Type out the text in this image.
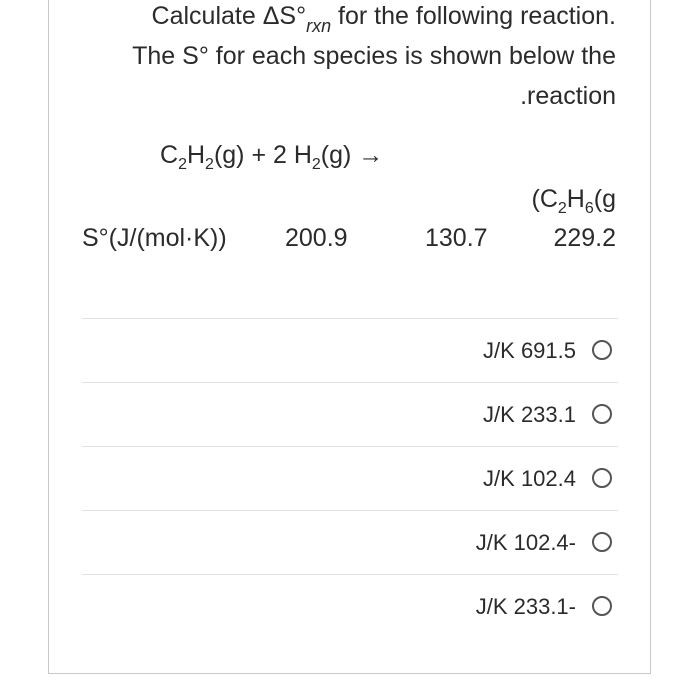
Calculate $\Delta S^\circ_{rxn}$ for the following reaction.
The S° for each species is shown below the
.reaction
$C_2H_2(g) + 2$ $H_2(g)$ →
($C_2H_6(g$
S°(J/(mol·K)) 200.9	130.7	229.2
J/K 691.5
J/K 233.1
J/K 102.4
J/K 102.4-
J/K 233.1-
